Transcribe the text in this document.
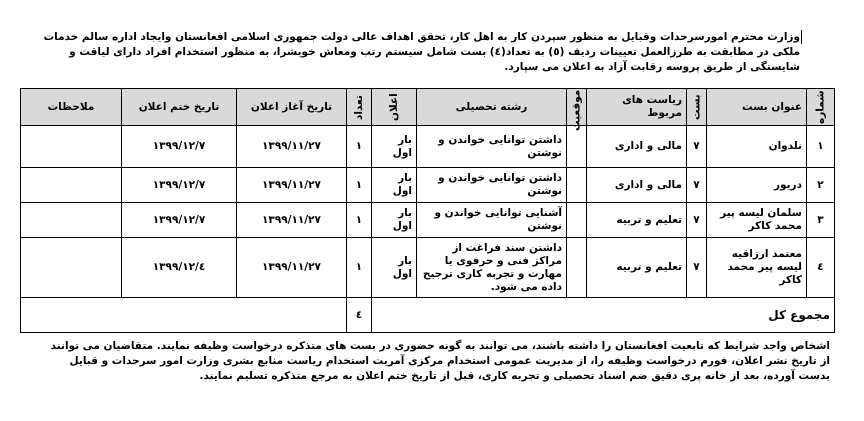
وزارت محترم امورسرحدات وقبایل به منظور سپردن کار به اهل کار، تحقق اهداف عالی دولت جمهوری اسلامی افغانستان وایجاد اداره سالم خدمات ملکی در مطابقت به طرزالعمل تعیینات ردیف (٥) به تعداد(٤) بست شامل سیستم رتب ومعاش خویشرا، به منظور استخدام افراد دارای لیاقت و شایستگی از طریق پروسه رقابت آزاد به اعلان می سپارد.
شماره	عنوان بست	بست	ریاست های مربوط	موقعیت	رشته تحصیلی	اعلان	تعداد	تاریخ آغاز اعلان	تاریخ ختم اعلان	ملاحظات
١	نلدوان	٧	مالی و اداری		داشتن توانایی خواندن و نوشتن	بار اول	١	١٣٩٩/١١/٢٧	١٣٩٩/١٢/٧	
٢	دریور	٧	مالی و اداری		داشتن توانایی خواندن و نوشتن	بار اول	١	١٣٩٩/١١/٢٧	١٣٩٩/١٢/٧	
٣	سلمان لیسه پیر محمد کاکر	٧	تعلیم و تربیه		آشنایی توانایی خواندن و نوشتن	بار اول	١	١٣٩٩/١١/٢٧	١٣٩٩/١٢/٧	
٤	معتمد ارزاقیه لیسه پیر محمد کاکر	٧	تعلیم و تربیه		داشتن سند فراغت از مراکز فنی و حرفوی یا مهارت و تجربه کاری ترجیح داده می شود.	بار اول	١	١٣٩٩/١١/٢٧	١٣٩٩/١٢/٤	
مجموع کل							٤			
اشخاص واجد شرایط که تابعیت افغانستان را داشته باشند، می توانند به گونه حضوری در بست های متذکره درخواست وظیفه نمایند. متقاضیان می توانند از تاریخ نشر اعلان، فورم درخواست وظیفه را، از مدیریت عمومی استخدام مرکزی آمریت استخدام ریاست منابع بشری وزارت امور سرحدات و قبایل بدست آورده، بعد از خانه پری دقیق ضم اسناد تحصیلی و تجربه کاری، قبل از تاریخ ختم اعلان به مرجع متذکره تسلیم نمایند.
